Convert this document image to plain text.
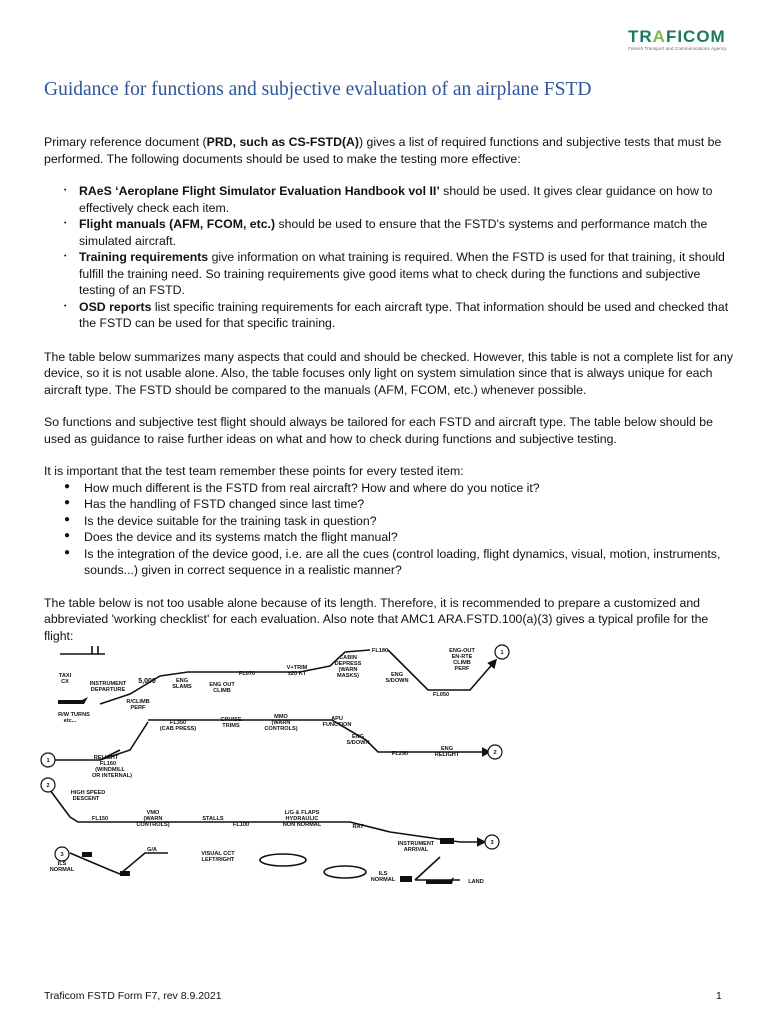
TRAFICOM
Finnish Transport and Communications Agency
Guidance for functions and subjective evaluation of an airplane FSTD

Primary reference document (PRD, such as CS-FSTD(A)) gives a list of required functions and subjective tests that must be performed. The following documents should be used to make the testing more effective:

• RAeS ‘Aeroplane Flight Simulator Evaluation Handbook vol II’ should be used. It gives clear guidance on how to effectively check each item.
• Flight manuals (AFM, FCOM, etc.) should be used to ensure that the FSTD's systems and performance match the simulated aircraft.
• Training requirements give information on what training is required. When the FSTD is used for that training, it should fulfill the training need. So training requirements give good items what to check during the functions and subjective testing of an FSTD.
• OSD reports list specific training requirements for each aircraft type. That information should be used and checked that the FSTD can be used for that specific training.

The table below summarizes many aspects that could and should be checked. However, this table is not a complete list for any device, so it is not usable alone. Also, the table focuses only light on system simulation since that is always unique for each aircraft type. The FSTD should be compared to the manuals (AFM, FCOM, etc.) whenever possible.

So functions and subjective test flight should always be tailored for each FSTD and aircraft type. The table below should be used as guidance to raise further ideas on what and how to check during functions and subjective testing.

It is important that the test team remember these points for every tested item:

● How much different is the FSTD from real aircraft? How and where do you notice it?
● Has the handling of FSTD changed since last time?
● Is the device suitable for the training task in question?
● Does the device and its systems match the flight manual?
● Is the integration of the device good, i.e. are all the cues (control loading, flight dynamics, visual, motion, instruments, sounds...) given in correct sequence in a realistic manner?

The table below is not too usable alone because of its length. Therefore, it is recommended to prepare a customized and abbreviated 'working checklist' for each evaluation. Also note that AMC1 ARA.FSTD.100(a)(3) gives a typical profile for the flight:

TAXI
CX	INSTRUMENT
DEPARTURE
5,000
R/CLIMB
PERF
R/W TURNS
etc...
ENG
SLAMS	ENG OUT
CLIMB
FL070
V+TRIM
±20 KT
FL180
CABIN
DEPRESS
(WARN
MASKS)	ENG
S/DOWN
FL050
ENG-OUT
EN-RTE
CLIMB
PERF
1
FL350
(CAB PRESS)
CRUISE
TRIMS
MMO
(WARN
CONTROLS)
APU
FUNCTION
ENG
S/DOWN
FL290
ENG
RELIGHT	2
1	RELIGHT
FL160
(WINDMILL
OR INTERNAL)
2
HIGH SPEED
DESCENT
FL150
VMO
(WARN
CONTROLS)
STALLS
FL100
L/G & FLAPS
HYDRAULIC
NON NORMAL	RAT
3
ILS
NORMAL
G/A
VISUAL CCT
LEFT/RIGHT
INSTRUMENT
ARRIVAL
3
ILS
NORMAL	LAND
Traficom FSTD Form F7, rev 8.9.2021	1
